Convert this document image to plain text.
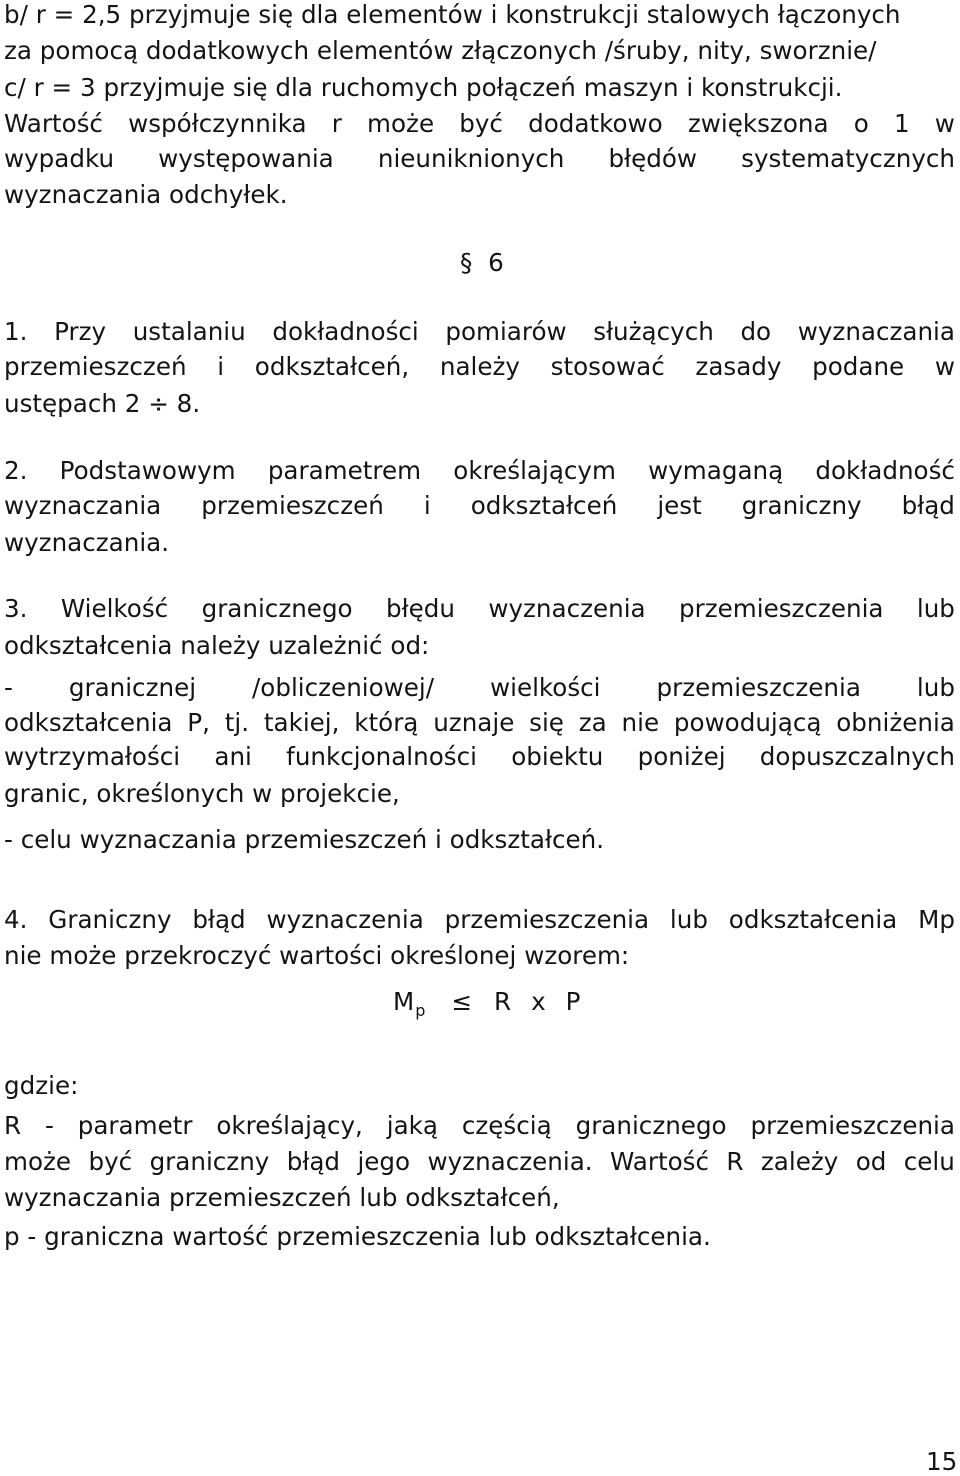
b/ r = 2,5 przyjmuje się dla elementów i konstrukcji stalowych łączonych
za pomocą dodatkowych elementów złączonych /śruby, nity, sworznie/
c/ r = 3 przyjmuje się dla ruchomych połączeń maszyn i konstrukcji.
Wartość współczynnika r może być dodatkowo zwiększona o 1 w
wypadku występowania nieuniknionych błędów systematycznych
wyznaczania odchyłek.
§ 6
1. Przy ustalaniu dokładności pomiarów służących do wyznaczania
przemieszczeń i odkształceń, należy stosować zasady podane w
ustępach 2 ÷ 8.
2. Podstawowym parametrem określającym wymaganą dokładność
wyznaczania przemieszczeń i odkształceń jest graniczny błąd
wyznaczania.
3. Wielkość granicznego błędu wyznaczenia przemieszczenia lub
odkształcenia należy uzależnić od:
- granicznej /obliczeniowej/ wielkości przemieszczenia lub
odkształcenia P, tj. takiej, którą uznaje się za nie powodującą obniżenia
wytrzymałości ani funkcjonalności obiektu poniżej dopuszczalnych
granic, określonych w projekcie,
- celu wyznaczania przemieszczeń i odkształceń.
4. Graniczny błąd wyznaczenia przemieszczenia lub odkształcenia Mp
nie może przekroczyć wartości określonej wzorem:
M p ≤ R x P
gdzie:
R - parametr określający, jaką częścią granicznego przemieszczenia
może być graniczny błąd jego wyznaczenia. Wartość R zależy od celu
wyznaczania przemieszczeń lub odkształceń,
p - graniczna wartość przemieszczenia lub odkształcenia.
15
